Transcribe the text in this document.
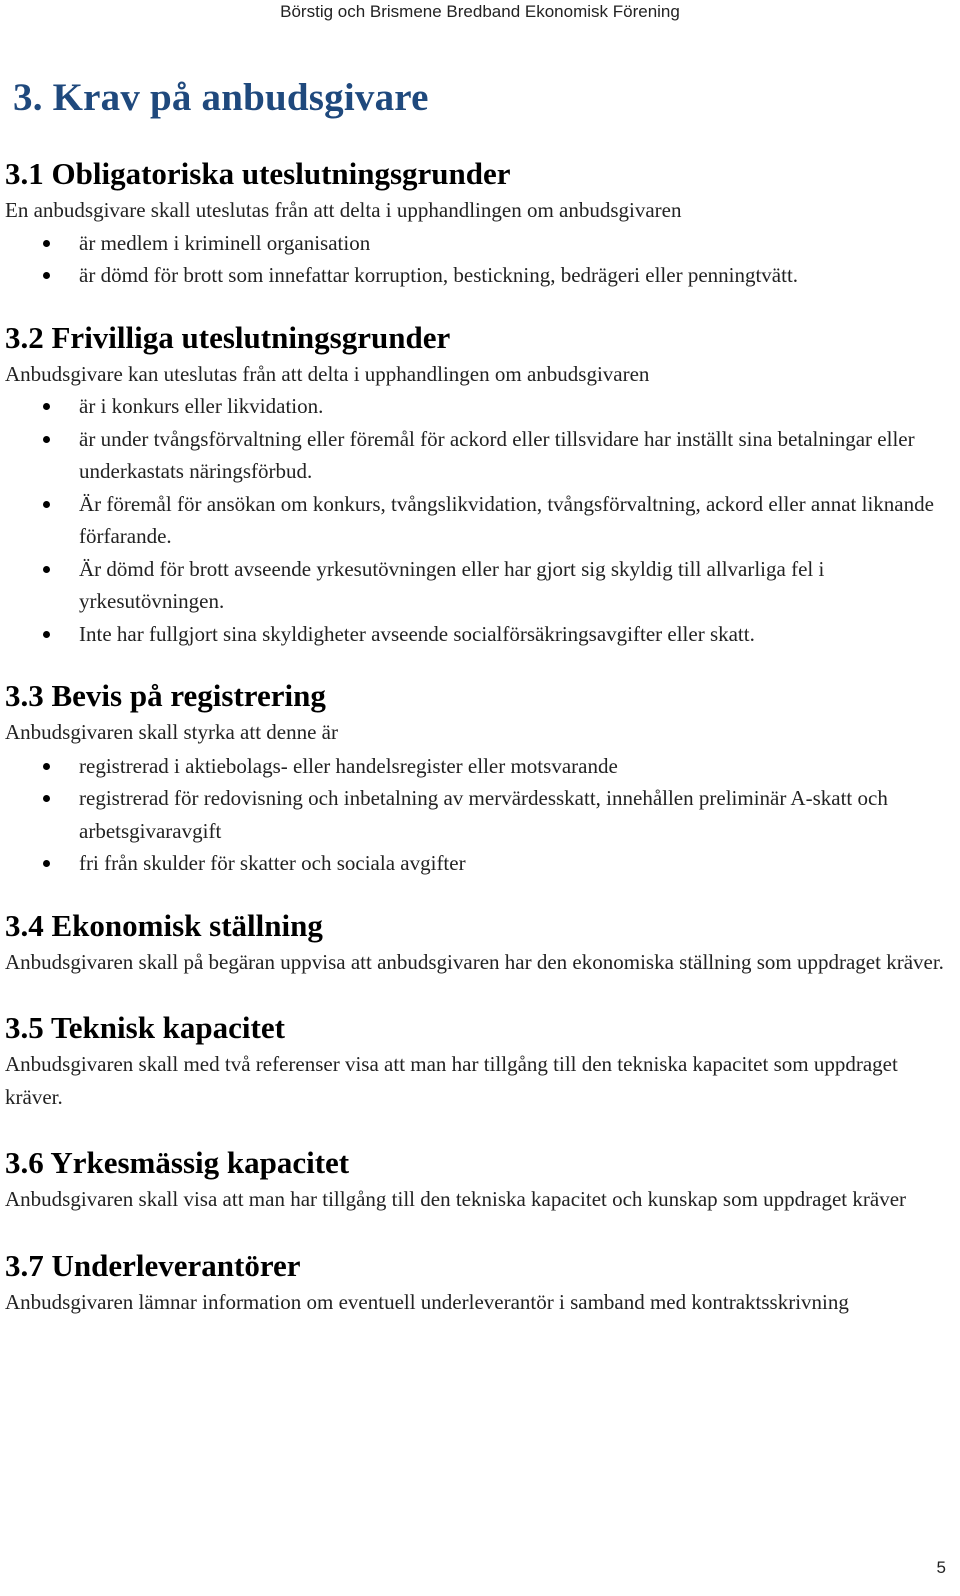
Börstig och Brismene Bredband Ekonomisk Förening
3. Krav på anbudsgivare
3.1 Obligatoriska uteslutningsgrunder

En anbudsgivare skall uteslutas från att delta i upphandlingen om anbudsgivaren

är medlem i kriminell organisation
är dömd för brott som innefattar korruption, bestickning, bedrägeri eller penningtvätt.
3.2 Frivilliga uteslutningsgrunder

Anbudsgivare kan uteslutas från att delta i upphandlingen om anbudsgivaren

är i konkurs eller likvidation.
är under tvångsförvaltning eller föremål för ackord eller tillsvidare har inställt sina betalningar eller underkastats näringsförbud.
Är föremål för ansökan om konkurs, tvångslikvidation, tvångsförvaltning, ackord eller annat liknande förfarande.
Är dömd för brott avseende yrkesutövningen eller har gjort sig skyldig till allvarliga fel i yrkesutövningen.
Inte har fullgjort sina skyldigheter avseende socialförsäkringsavgifter eller skatt.
3.3 Bevis på registrering

Anbudsgivaren skall styrka att denne är

registrerad i aktiebolags- eller handelsregister eller motsvarande
registrerad för redovisning och inbetalning av mervärdesskatt, innehållen preliminär A-skatt och arbetsgivaravgift
fri från skulder för skatter och sociala avgifter
3.4 Ekonomisk ställning

Anbudsgivaren skall på begäran uppvisa att anbudsgivaren har den ekonomiska ställning som uppdraget kräver.

3.5 Teknisk kapacitet

Anbudsgivaren skall med två referenser visa att man har tillgång till den tekniska kapacitet som uppdraget kräver.

3.6 Yrkesmässig kapacitet

Anbudsgivaren skall visa att man har tillgång till den tekniska kapacitet och kunskap som uppdraget kräver

3.7 Underleverantörer

Anbudsgivaren lämnar information om eventuell underleverantör i samband med kontraktsskrivning

5
